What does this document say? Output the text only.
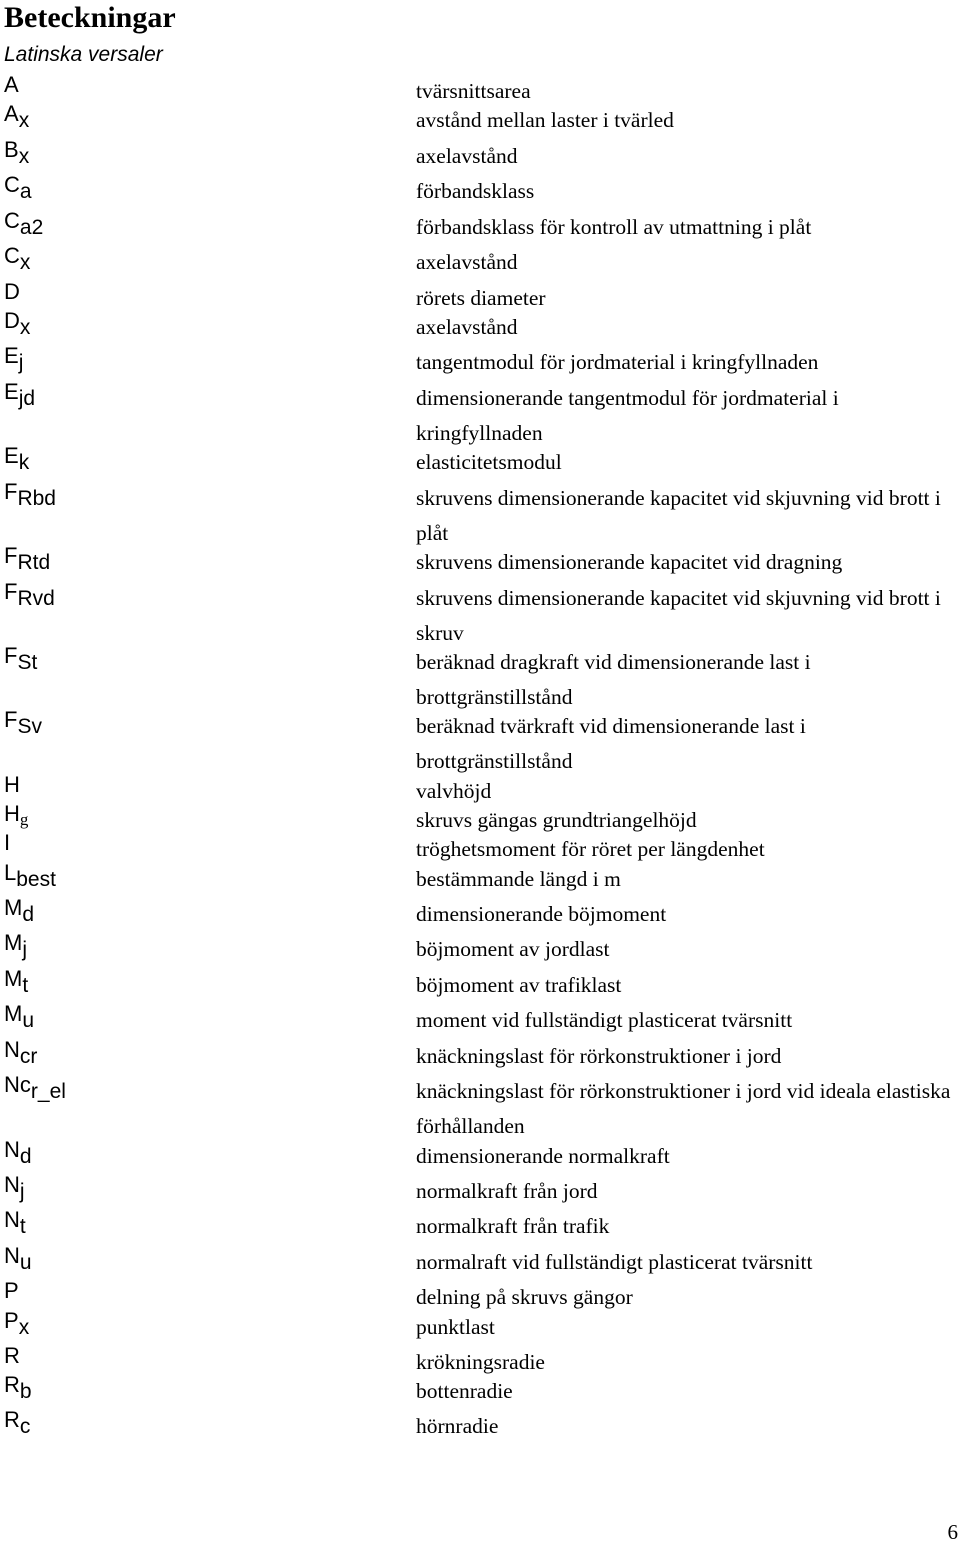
Beteckningar
Latinska versaler
A	tvärsnittsarea
$A_x$	avstånd mellan laster i tvärled
$B_x$	axelavstånd
$C_a$	förbandsklass
$C_{a2}$	förbandsklass för kontroll av utmattning i plåt
$C_x$	axelavstånd
D	rörets diameter
$D_x$	axelavstånd
$E_j$	tangentmodul för jordmaterial i kringfyllnaden
$E_{jd}$	dimensionerande tangentmodul för jordmaterial i kringfyllnaden
$E_k$	elasticitetsmodul
$F_{Rbd}$	skruvens dimensionerande kapacitet vid skjuvning vid brott i plåt
$F_{Rtd}$	skruvens dimensionerande kapacitet vid dragning
$F_{Rvd}$	skruvens dimensionerande kapacitet vid skjuvning vid brott i skruv
$F_{St}$	beräknad dragkraft vid dimensionerande last i brottgränstillstånd
$F_{Sv}$	beräknad tvärkraft vid dimensionerande last i brottgränstillstånd
H	valvhöjd
$H_g$	skruvs gängas grundtriangelhöjd
I	tröghetsmoment för röret per längdenhet
$L_{best}$	bestämmande längd i m
$M_d$	dimensionerande böjmoment
$M_j$	böjmoment av jordlast
$M_t$	böjmoment av trafiklast
$M_u$	moment vid fullständigt plasticerat tvärsnitt
$N_{cr}$	knäckningslast för rörkonstruktioner i jord
$Nc_{r\_el}$	knäckningslast för rörkonstruktioner i jord vid ideala elastiska förhållanden
$N_d$	dimensionerande normalkraft
$N_j$	normalkraft från jord
$N_t$	normalkraft från trafik
$N_u$	normalraft vid fullständigt plasticerat tvärsnitt
P	delning på skruvs gängor
$P_x$	punktlast
R	krökningsradie
$R_b$	bottenradie
$R_c$	hörnradie
6
